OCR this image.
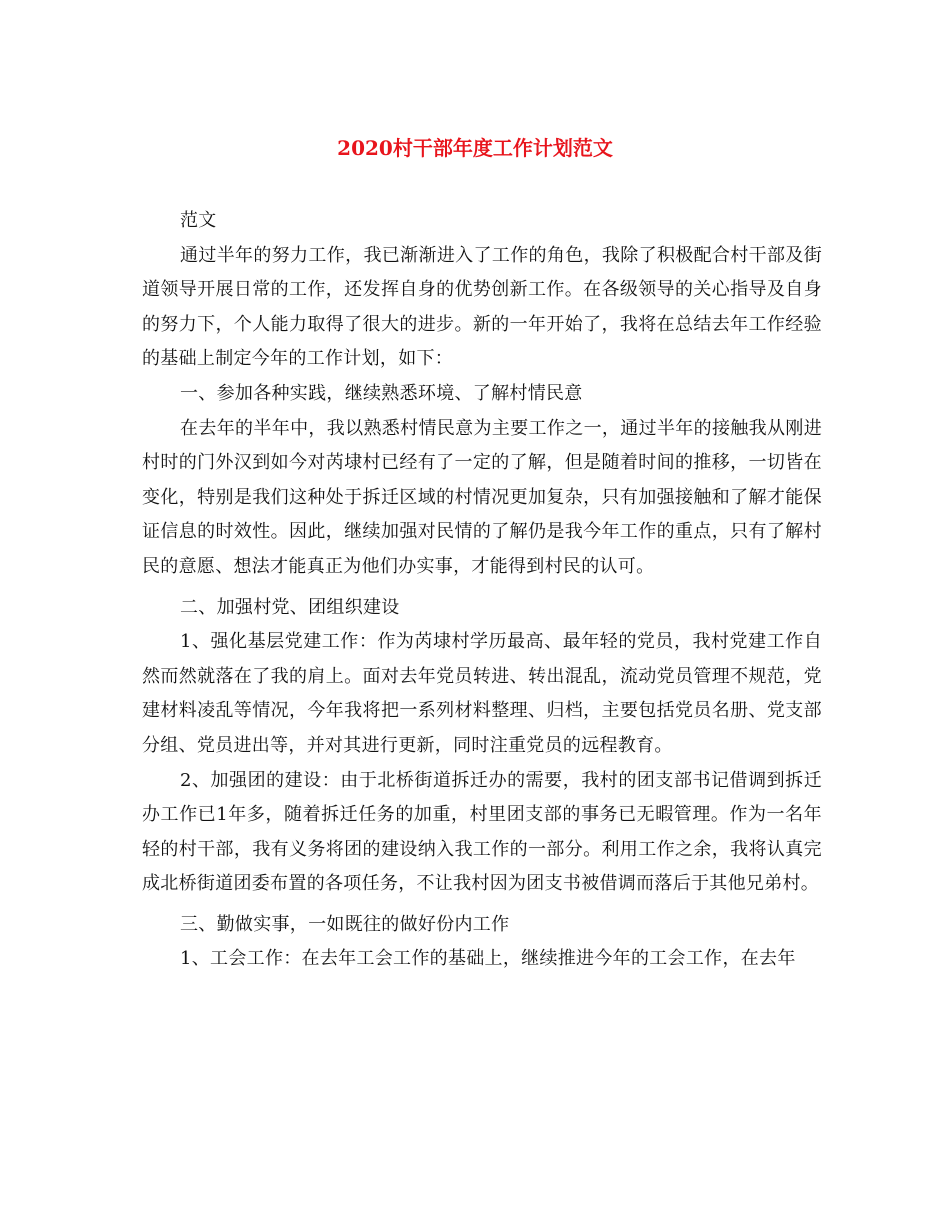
2020村干部年度工作计划范文

范文

通过半年的努力工作，我已渐渐进入了工作的角色，我除了积极配合村干部及街道领导开展日常的工作，还发挥自身的优势创新工作。在各级领导的关心指导及自身的努力下，个人能力取得了很大的进步。新的一年开始了，我将在总结去年工作经验的基础上制定今年的工作计划，如下：

一、参加各种实践，继续熟悉环境、了解村情民意

在去年的半年中，我以熟悉村情民意为主要工作之一，通过半年的接触我从刚进村时的门外汉到如今对芮埭村已经有了一定的了解，但是随着时间的推移，一切皆在变化，特别是我们这种处于拆迁区域的村情况更加复杂，只有加强接触和了解才能保证信息的时效性。因此，继续加强对民情的了解仍是我今年工作的重点，只有了解村民的意愿、想法才能真正为他们办实事，才能得到村民的认可。

二、加强村党、团组织建设

1、强化基层党建工作：作为芮埭村学历最高、最年轻的党员，我村党建工作自然而然就落在了我的肩上。面对去年党员转进、转出混乱，流动党员管理不规范，党建材料凌乱等情况，今年我将把一系列材料整理、归档，主要包括党员名册、党支部分组、党员进出等，并对其进行更新，同时注重党员的远程教育。

2、加强团的建设：由于北桥街道拆迁办的需要，我村的团支部书记借调到拆迁办工作已1年多，随着拆迁任务的加重，村里团支部的事务已无暇管理。作为一名年轻的村干部，我有义务将团的建设纳入我工作的一部分。利用工作之余，我将认真完成北桥街道团委布置的各项任务，不让我村因为团支书被借调而落后于其他兄弟村。

三、勤做实事，一如既往的做好份内工作

1、工会工作：在去年工会工作的基础上，继续推进今年的工会工作，在去年
